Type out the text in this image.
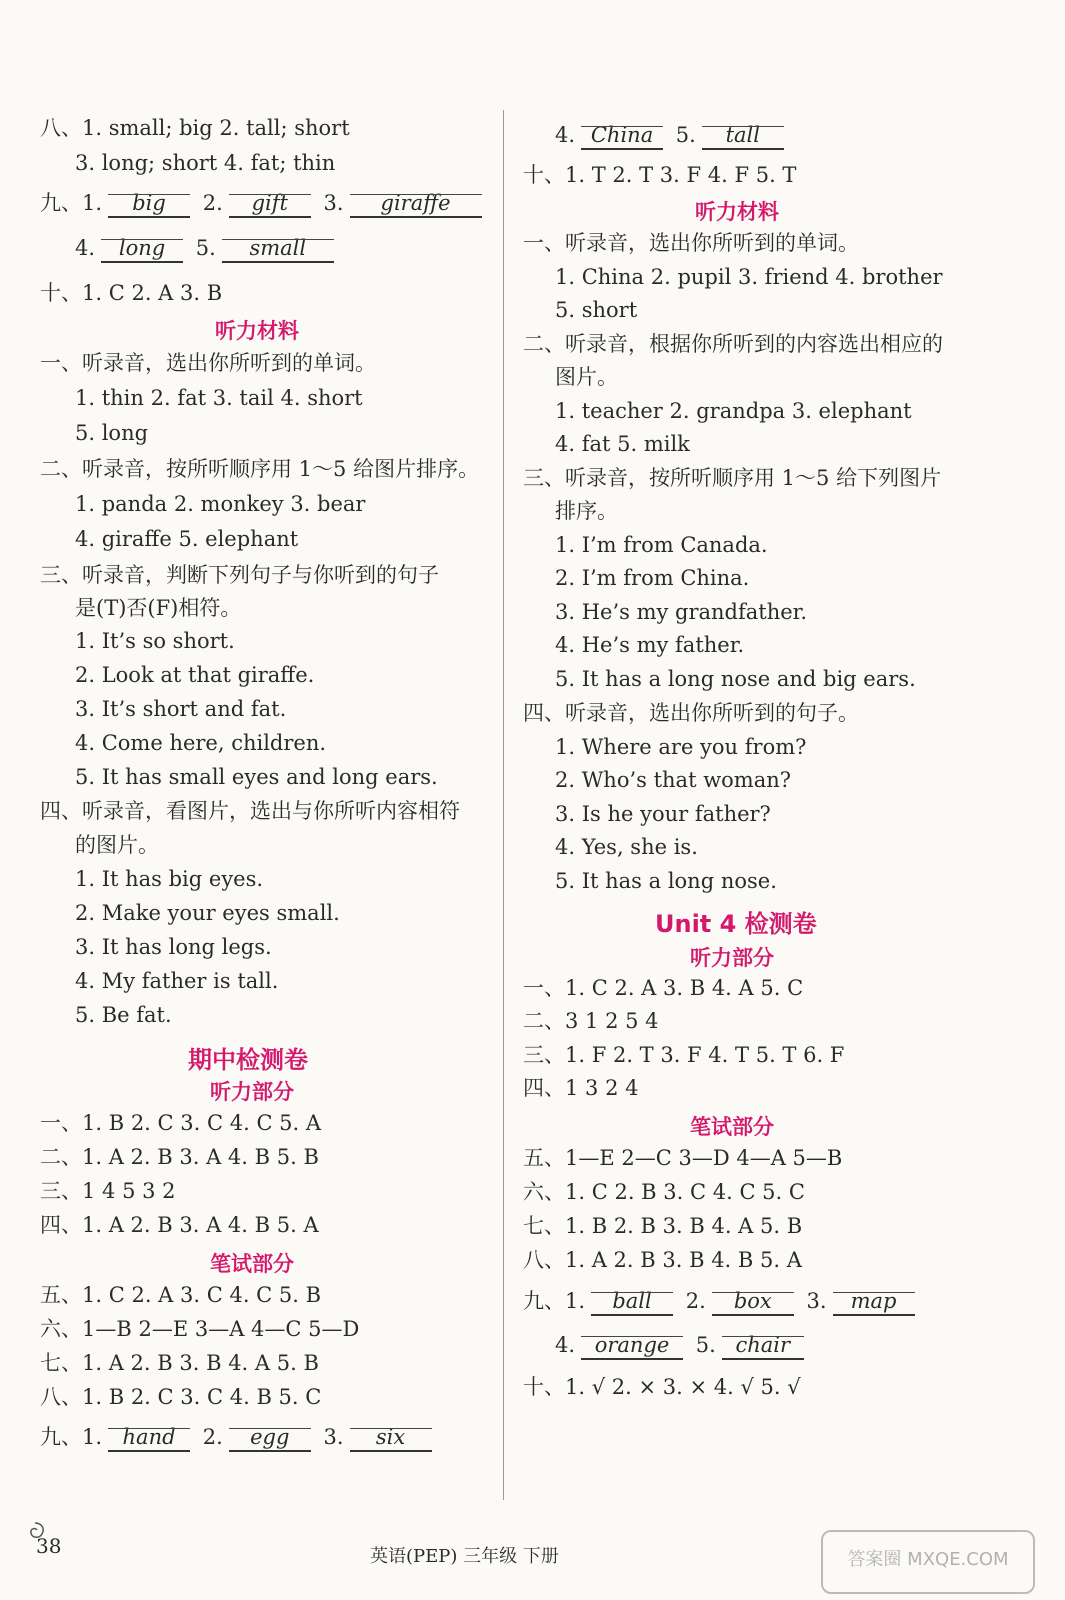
八、1. small; big 2. tall; short
3. long; short 4. fat; thin
九、1. big 2. gift 3. giraffe
4. long 5. small
十、1. C 2. A 3. B
听力材料
一、听录音，选出你所听到的单词。
1. thin 2. fat 3. tail 4. short
5. long
二、听录音，按所听顺序用 1～5 给图片排序。
1. panda 2. monkey 3. bear
4. giraffe 5. elephant
三、听录音，判断下列句子与你听到的句子
是(T)否(F)相符。
1. It’s so short.
2. Look at that giraffe.
3. It’s short and fat.
4. Come here, children.
5. It has small eyes and long ears.
四、听录音，看图片，选出与你所听内容相符
的图片。
1. It has big eyes.
2. Make your eyes small.
3. It has long legs.
4. My father is tall.
5. Be fat.
期中检测卷
听力部分
一、1. B 2. C 3. C 4. C 5. A
二、1. A 2. B 3. A 4. B 5. B
三、1 4 5 3 2
四、1. A 2. B 3. A 4. B 5. A
笔试部分
五、1. C 2. A 3. C 4. C 5. B
六、1—B 2—E 3—A 4—C 5—D
七、1. A 2. B 3. B 4. A 5. B
八、1. B 2. C 3. C 4. B 5. C
九、1. hand 2. egg 3. six
4. China 5. tall
十、1. T 2. T 3. F 4. F 5. T
听力材料
一、听录音，选出你所听到的单词。
1. China 2. pupil 3. friend 4. brother
5. short
二、听录音，根据你所听到的内容选出相应的
图片。
1. teacher 2. grandpa 3. elephant
4. fat 5. milk
三、听录音，按所听顺序用 1～5 给下列图片
排序。
1. I’m from Canada.
2. I’m from China.
3. He’s my grandfather.
4. He’s my father.
5. It has a long nose and big ears.
四、听录音，选出你所听到的句子。
1. Where are you from?
2. Who’s that woman?
3. Is he your father?
4. Yes, she is.
5. It has a long nose.
Unit 4 检测卷
听力部分
一、1. C 2. A 3. B 4. A 5. C
二、3 1 2 5 4
三、1. F 2. T 3. F 4. T 5. T 6. F
四、1 3 2 4
笔试部分
五、1—E 2—C 3—D 4—A 5—B
六、1. C 2. B 3. C 4. C 5. C
七、1. B 2. B 3. B 4. A 5. B
八、1. A 2. B 3. B 4. B 5. A
九、1. ball 2. box 3. map
4. orange 5. chair
十、1. √ 2. × 3. × 4. √ 5. √
38	英语(PEP) 三年级 下册	答案圈 MXQE.COM
